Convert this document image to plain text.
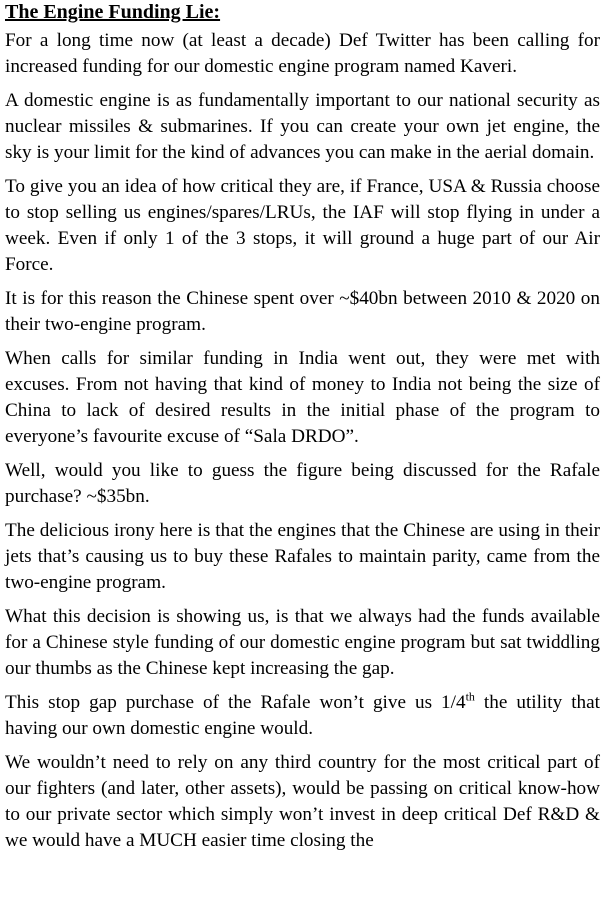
The Engine Funding Lie:

For a long time now (at least a decade) Def Twitter has been calling for increased funding for our domestic engine program named Kaveri.

A domestic engine is as fundamentally important to our national security as nuclear missiles & submarines. If you can create your own jet engine, the sky is your limit for the kind of advances you can make in the aerial domain.

To give you an idea of how critical they are, if France, USA & Russia choose to stop selling us engines/spares/LRUs, the IAF will stop flying in under a week. Even if only 1 of the 3 stops, it will ground a huge part of our Air Force.

It is for this reason the Chinese spent over ~$40bn between 2010 & 2020 on their two-engine program.

When calls for similar funding in India went out, they were met with excuses. From not having that kind of money to India not being the size of China to lack of desired results in the initial phase of the program to everyone’s favourite excuse of “Sala DRDO”.

Well, would you like to guess the figure being discussed for the Rafale purchase? ~$35bn.

The delicious irony here is that the engines that the Chinese are using in their jets that’s causing us to buy these Rafales to maintain parity, came from the two-engine program.

What this decision is showing us, is that we always had the funds available for a Chinese style funding of our domestic engine program but sat twiddling our thumbs as the Chinese kept increasing the gap.

This stop gap purchase of the Rafale won’t give us 1/4th the utility that having our own domestic engine would.

We wouldn’t need to rely on any third country for the most critical part of our fighters (and later, other assets), would be passing on critical know-how to our private sector which simply won’t invest in deep critical Def R&D & we would have a MUCH easier time closing the
